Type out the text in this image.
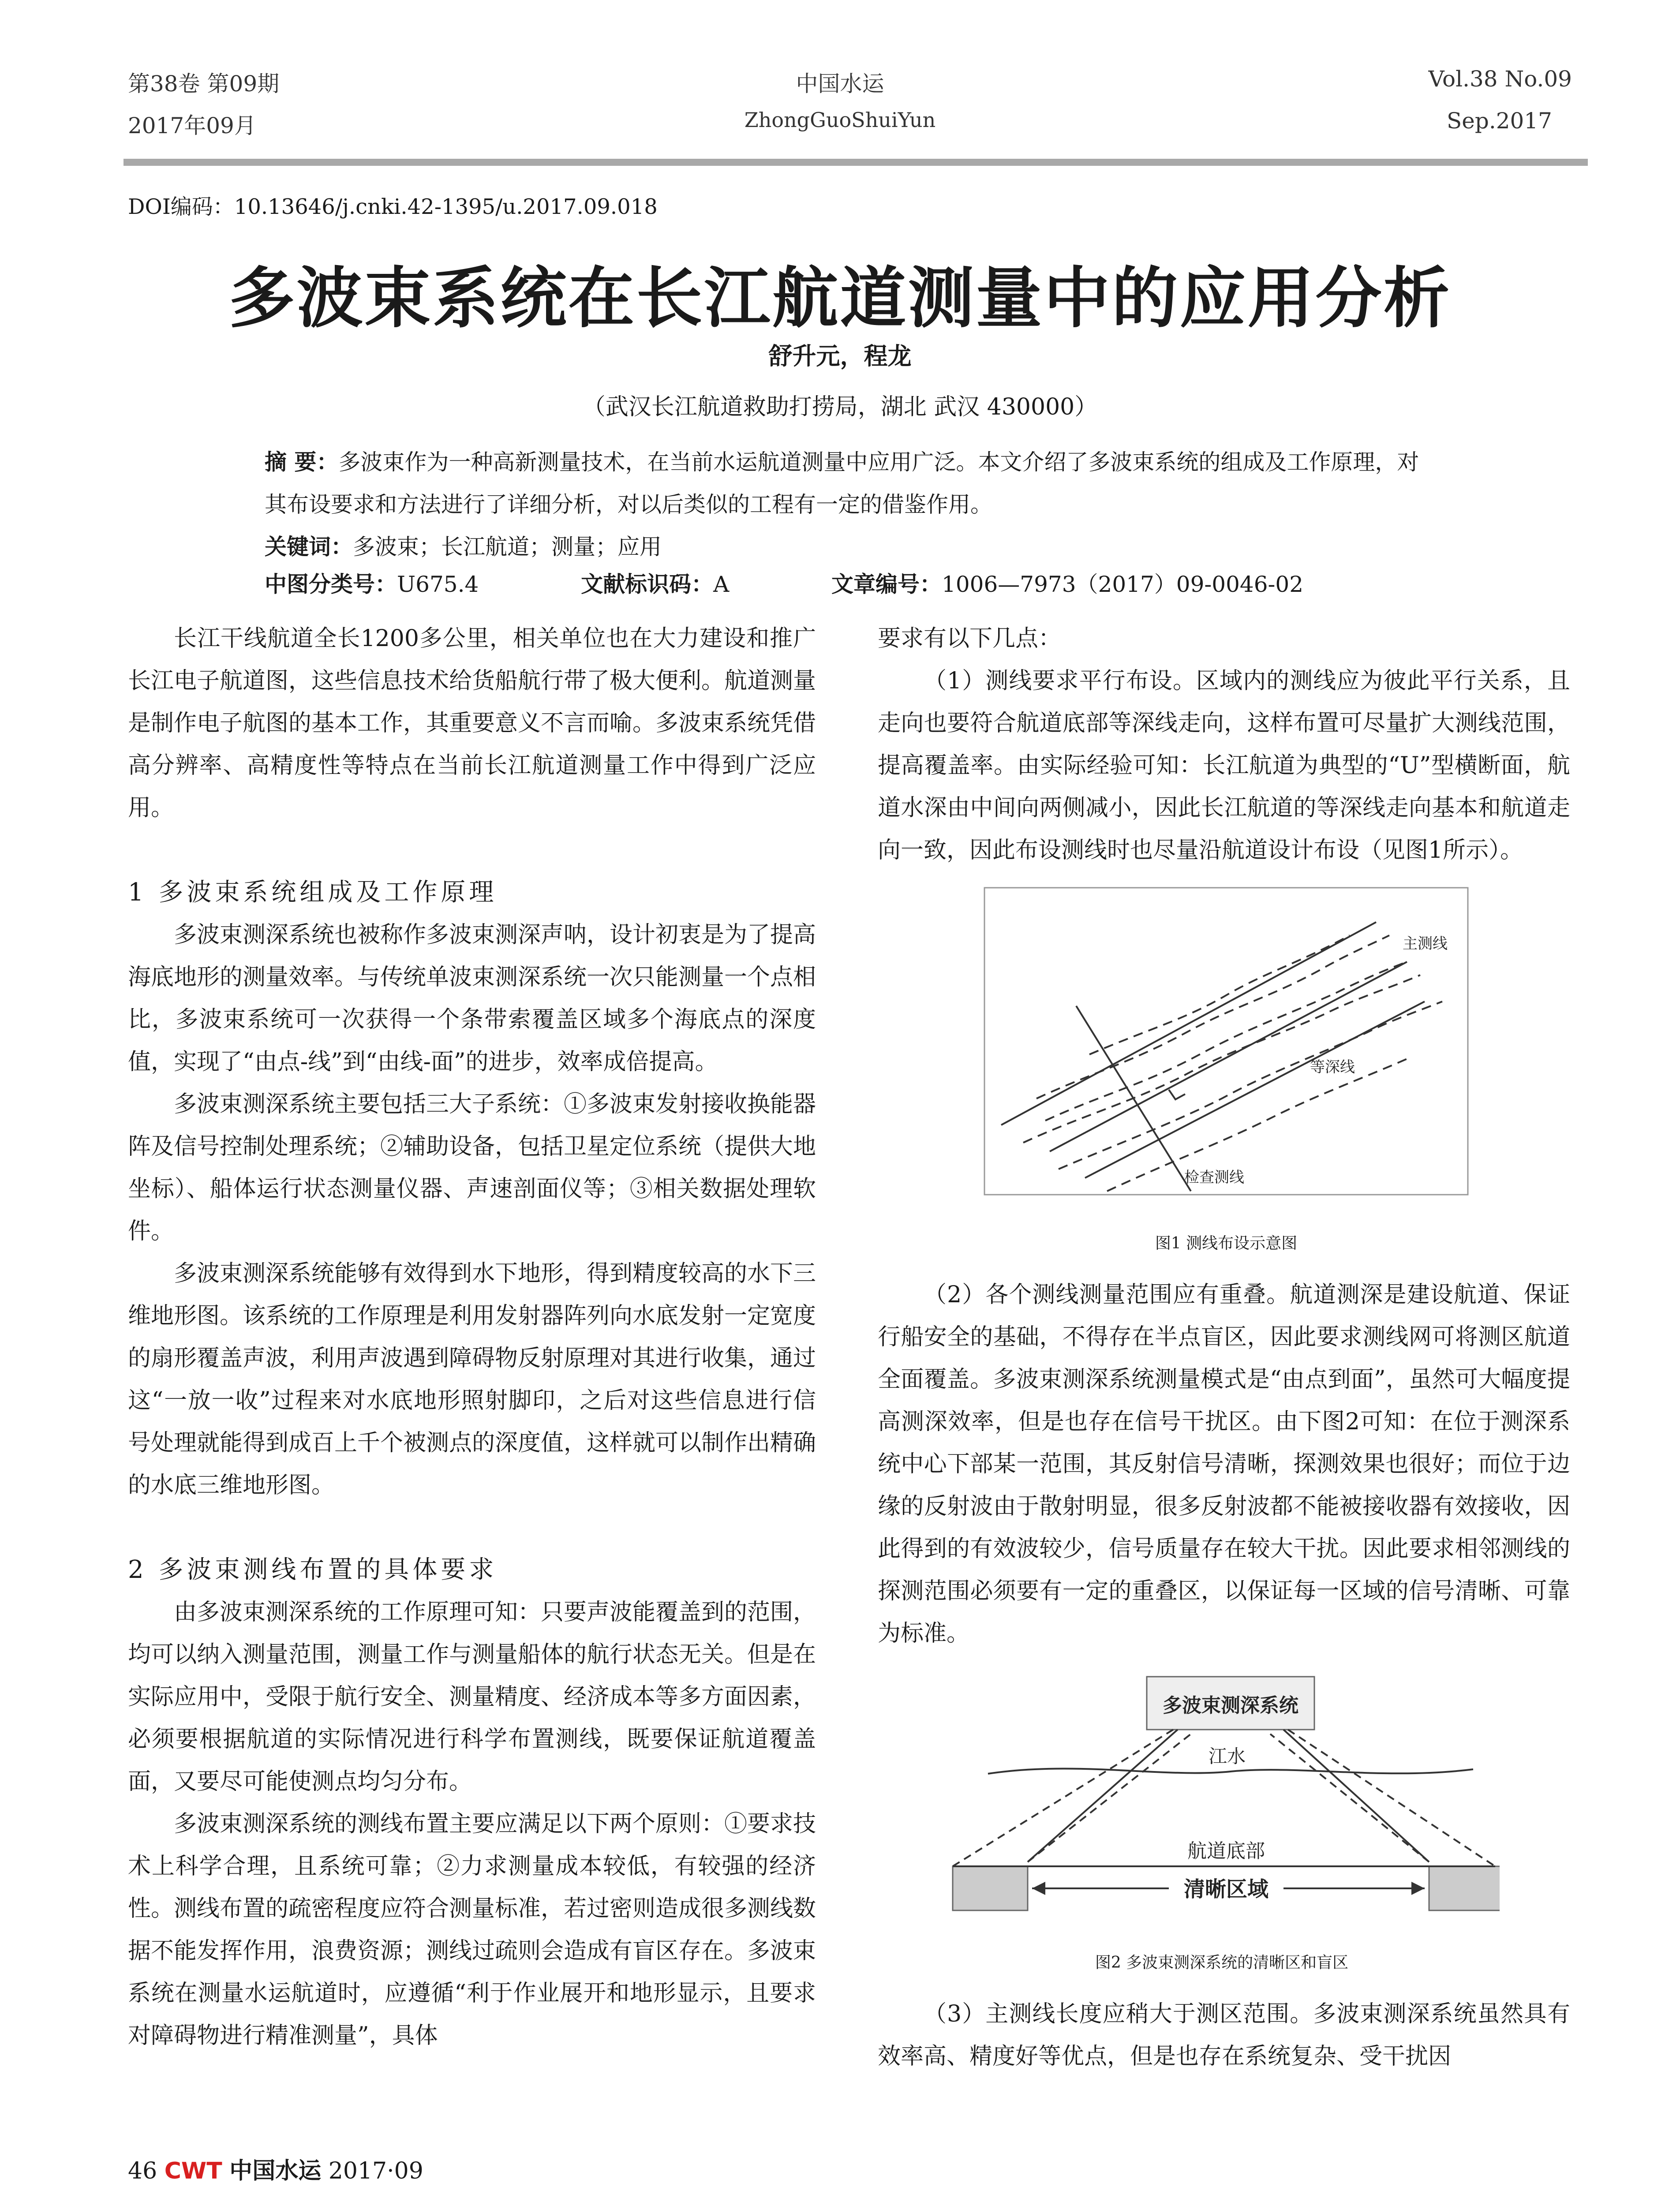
第38卷 第09期
2017年09月
中国水运
ZhongGuoShuiYun
Vol.38 No.09
Sep.2017
DOI编码：10.13646/j.cnki.42-1395/u.2017.09.018
多波束系统在长江航道测量中的应用分析
舒升元，程龙
（武汉长江航道救助打捞局，湖北 武汉 430000）
摘 要：多波束作为一种高新测量技术，在当前水运航道测量中应用广泛。本文介绍了多波束系统的组成及工作原理，对其布设要求和方法进行了详细分析，对以后类似的工程有一定的借鉴作用。
关键词：多波束；长江航道；测量；应用
中图分类号：U675.4	文献标识码：A	文章编号：1006—7973（2017）09-0046-02

长江干线航道全长1200多公里，相关单位也在大力建设和推广长江电子航道图，这些信息技术给货船航行带了极大便利。航道测量是制作电子航图的基本工作，其重要意义不言而喻。多波束系统凭借高分辨率、高精度性等特点在当前长江航道测量工作中得到广泛应用。

1 多波束系统组成及工作原理

多波束测深系统也被称作多波束测深声呐，设计初衷是为了提高海底地形的测量效率。与传统单波束测深系统一次只能测量一个点相比，多波束系统可一次获得一个条带索覆盖区域多个海底点的深度值，实现了“由点-线”到“由线-面”的进步，效率成倍提高。

多波束测深系统主要包括三大子系统：①多波束发射接收换能器阵及信号控制处理系统；②辅助设备，包括卫星定位系统（提供大地坐标）、船体运行状态测量仪器、声速剖面仪等；③相关数据处理软件。

多波束测深系统能够有效得到水下地形，得到精度较高的水下三维地形图。该系统的工作原理是利用发射器阵列向水底发射一定宽度的扇形覆盖声波，利用声波遇到障碍物反射原理对其进行收集，通过这“一放一收”过程来对水底地形照射脚印，之后对这些信息进行信号处理就能得到成百上千个被测点的深度值，这样就可以制作出精确的水底三维地形图。

2 多波束测线布置的具体要求

由多波束测深系统的工作原理可知：只要声波能覆盖到的范围，均可以纳入测量范围，测量工作与测量船体的航行状态无关。但是在实际应用中，受限于航行安全、测量精度、经济成本等多方面因素，必须要根据航道的实际情况进行科学布置测线，既要保证航道覆盖面，又要尽可能使测点均匀分布。

多波束测深系统的测线布置主要应满足以下两个原则：①要求技术上科学合理，且系统可靠；②力求测量成本较低，有较强的经济性。测线布置的疏密程度应符合测量标准，若过密则造成很多测线数据不能发挥作用，浪费资源；测线过疏则会造成有盲区存在。多波束系统在测量水运航道时，应遵循“利于作业展开和地形显示，且要求对障碍物进行精准测量”，具体

要求有以下几点：

（1）测线要求平行布设。区域内的测线应为彼此平行关系，且走向也要符合航道底部等深线走向，这样布置可尽量扩大测线范围，提高覆盖率。由实际经验可知：长江航道为典型的“U”型横断面，航道水深由中间向两侧减小，因此长江航道的等深线走向基本和航道走向一致，因此布设测线时也尽量沿航道设计布设（见图1所示）。

主测线
等深线
检查测线
图1 测线布设示意图

（2）各个测线测量范围应有重叠。航道测深是建设航道、保证行船安全的基础，不得存在半点盲区，因此要求测线网可将测区航道全面覆盖。多波束测深系统测量模式是“由点到面”，虽然可大幅度提高测深效率，但是也存在信号干扰区。由下图2可知：在位于测深系统中心下部某一范围，其反射信号清晰，探测效果也很好；而位于边缘的反射波由于散射明显，很多反射波都不能被接收器有效接收，因此得到的有效波较少，信号质量存在较大干扰。因此要求相邻测线的探测范围必须要有一定的重叠区，以保证每一区域的信号清晰、可靠为标准。

多波束测深系统
江水
航道底部
清晰区域
图2 多波束测深系统的清晰区和盲区

（3）主测线长度应稍大于测区范围。多波束测深系统虽然具有效率高、精度好等优点，但是也存在系统复杂、受干扰因

46 CWT 中国水运 2017·09
